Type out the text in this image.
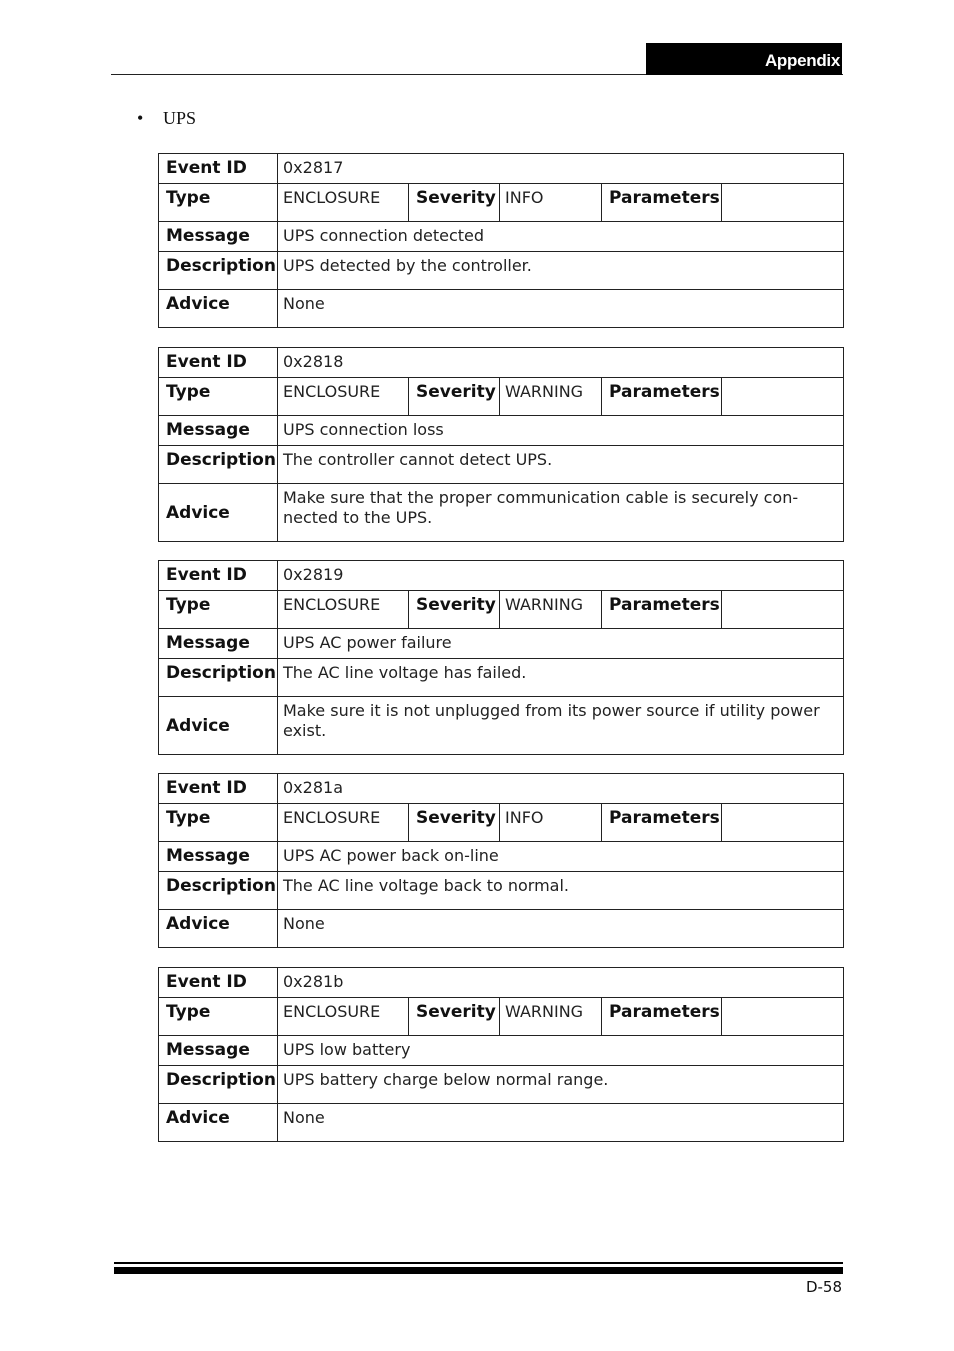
Appendix
• UPS
Event ID	0x2817				
Type	ENCLOSURE	Severity	INFO	Parameters	
Message	UPS connection detected				
Description	UPS detected by the controller.				
Advice	None				
Event ID	0x2818				
Type	ENCLOSURE	Severity	WARNING	Parameters	
Message	UPS connection loss				
Description	The controller cannot detect UPS.				
Advice	Make sure that the proper communication cable is securely con- nected to the UPS.				
Event ID	0x2819				
Type	ENCLOSURE	Severity	WARNING	Parameters	
Message	UPS AC power failure				
Description	The AC line voltage has failed.				
Advice	Make sure it is not unplugged from its power source if utility power exist.				
Event ID	0x281a				
Type	ENCLOSURE	Severity	INFO	Parameters	
Message	UPS AC power back on-line				
Description	The AC line voltage back to normal.				
Advice	None				
Event ID	0x281b				
Type	ENCLOSURE	Severity	WARNING	Parameters	
Message	UPS low battery				
Description	UPS battery charge below normal range.				
Advice	None				
D-58
